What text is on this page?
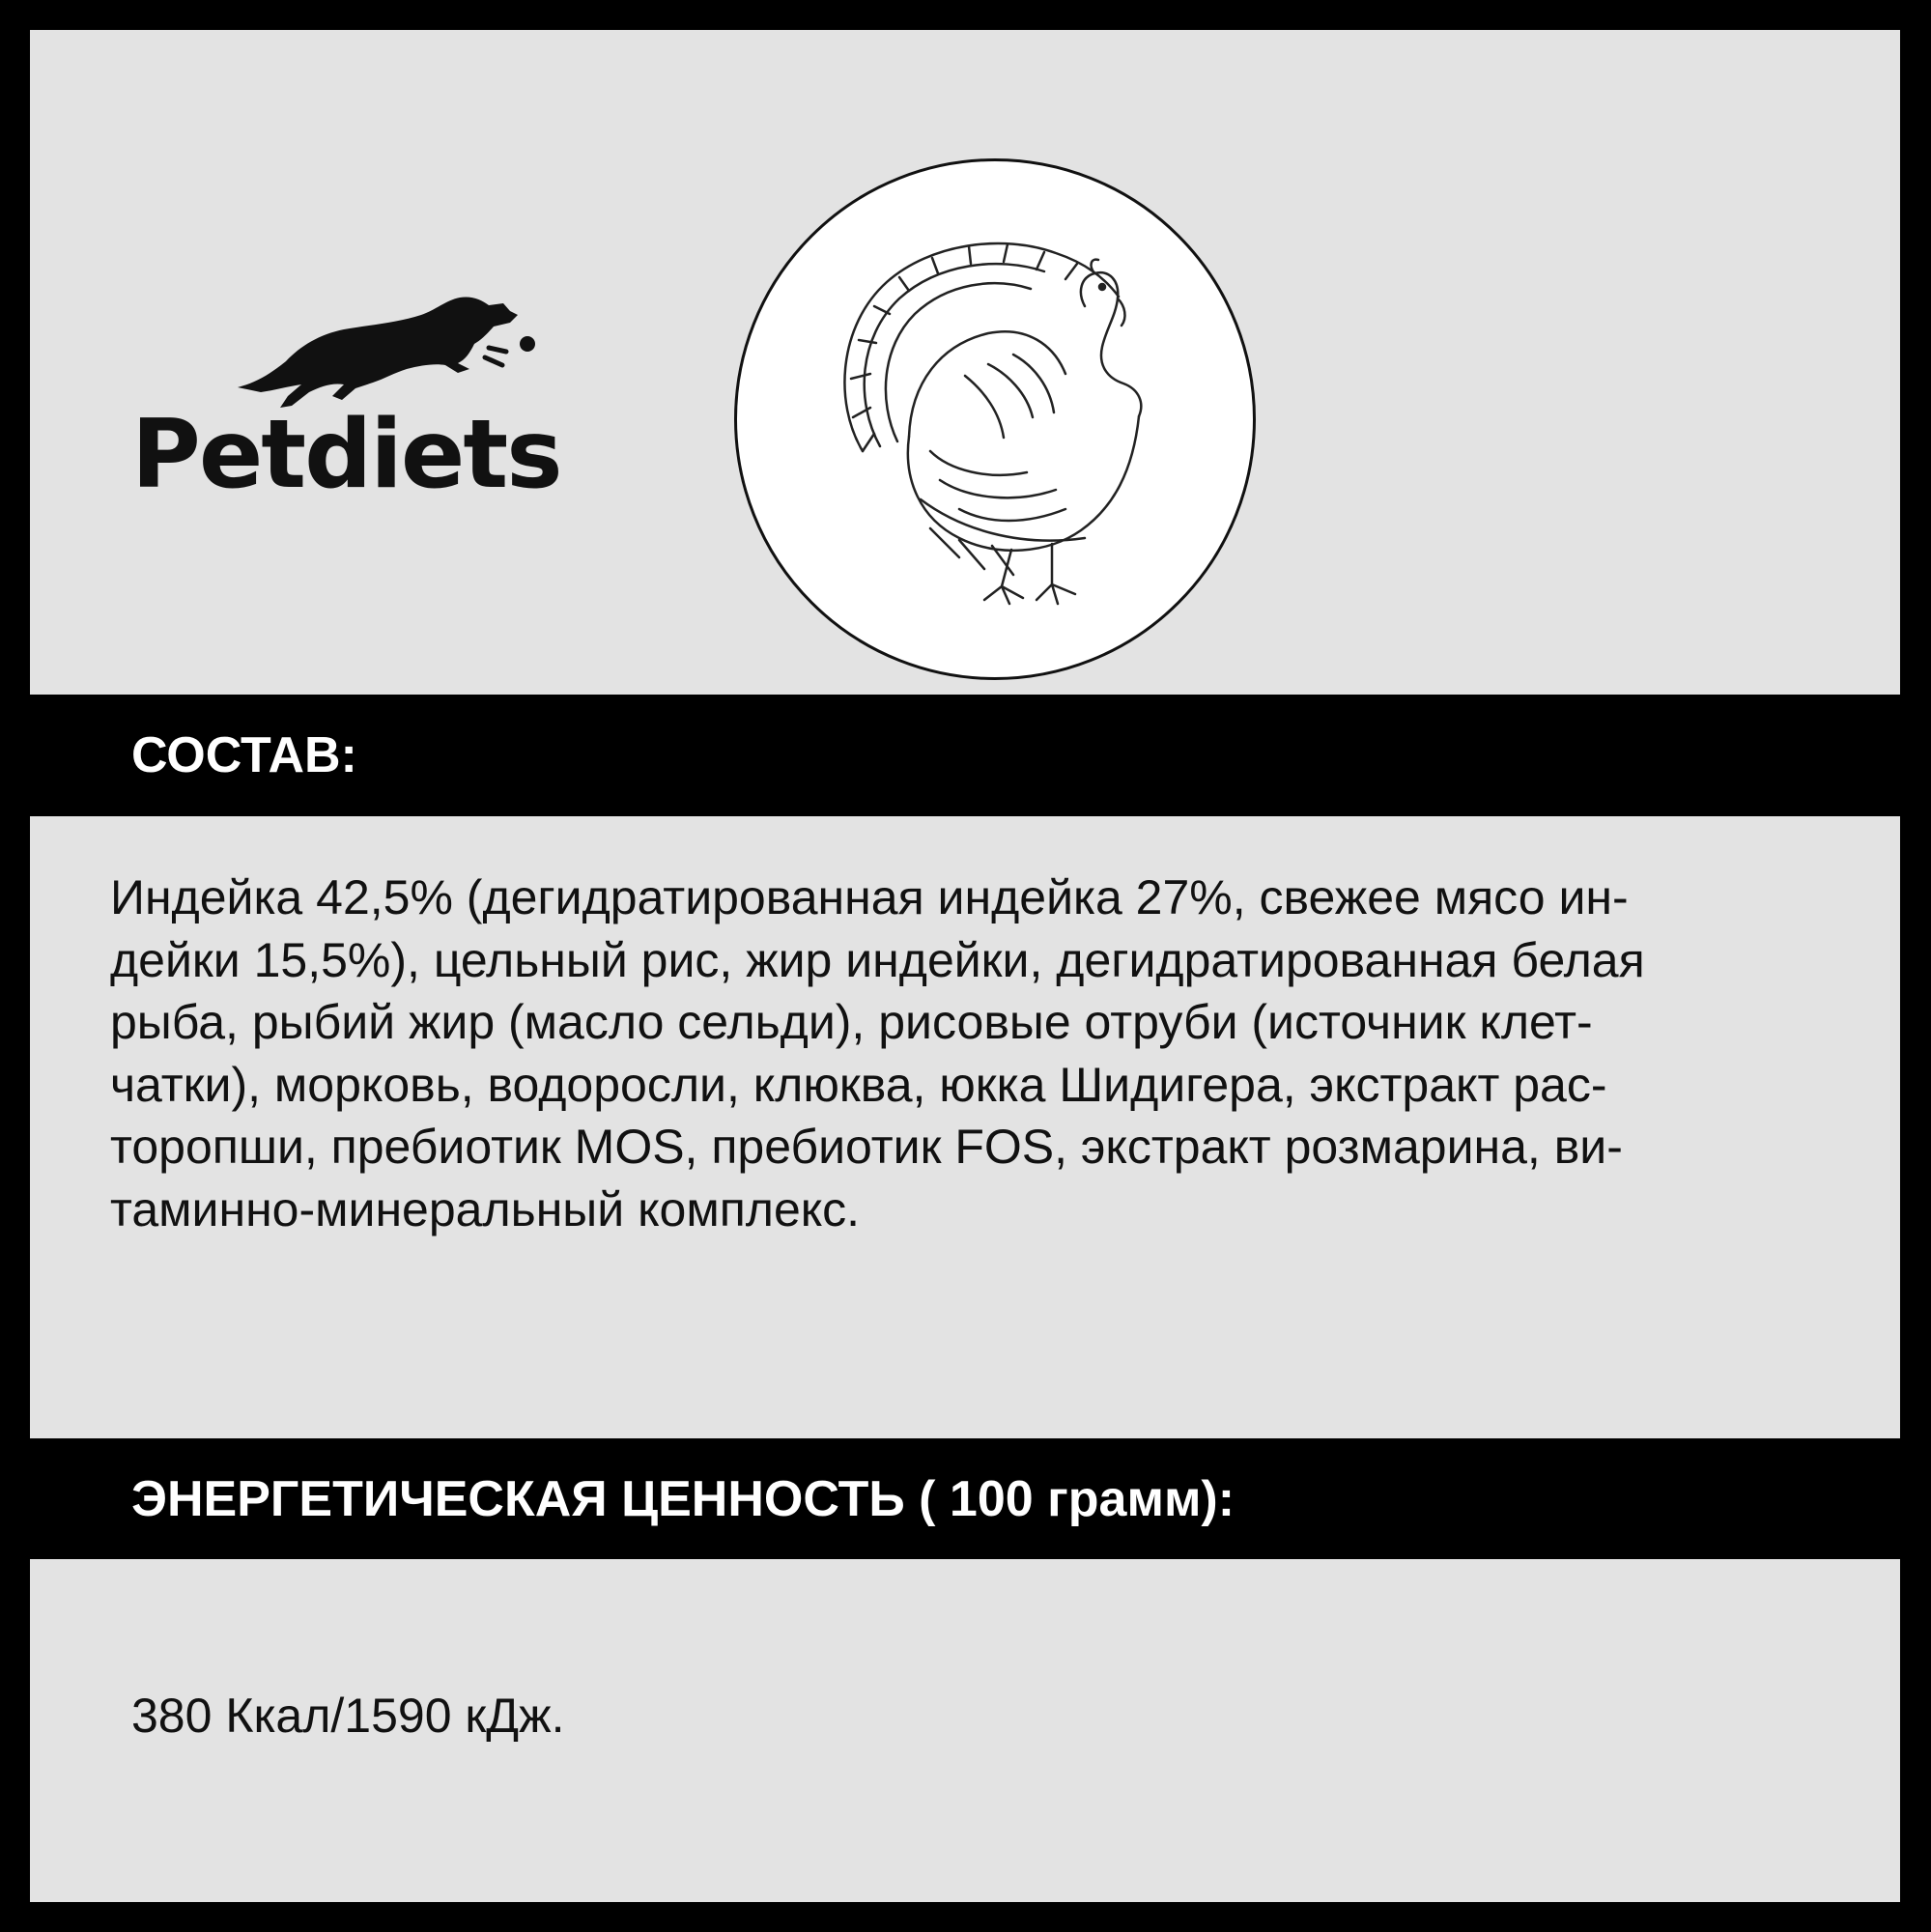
Petdiets

СОСТАВ:

Индейка 42,5% (дегидратированная индейка 27%, свежее мясо ин-
дейки 15,5%), цельный рис, жир индейки, дегидратированная белая
рыба, рыбий жир (масло сельди), рисовые отруби (источник клет-
чатки), морковь, водоросли, клюква, юкка Шидигера, экстракт рас-
торопши, пребиотик MOS, пребиотик FOS, экстракт розмарина, ви-
таминно-минеральный комплекс.

ЭНЕРГЕТИЧЕСКАЯ ЦЕННОСТЬ ( 100 грамм):

380 Ккал/1590 кДж.
